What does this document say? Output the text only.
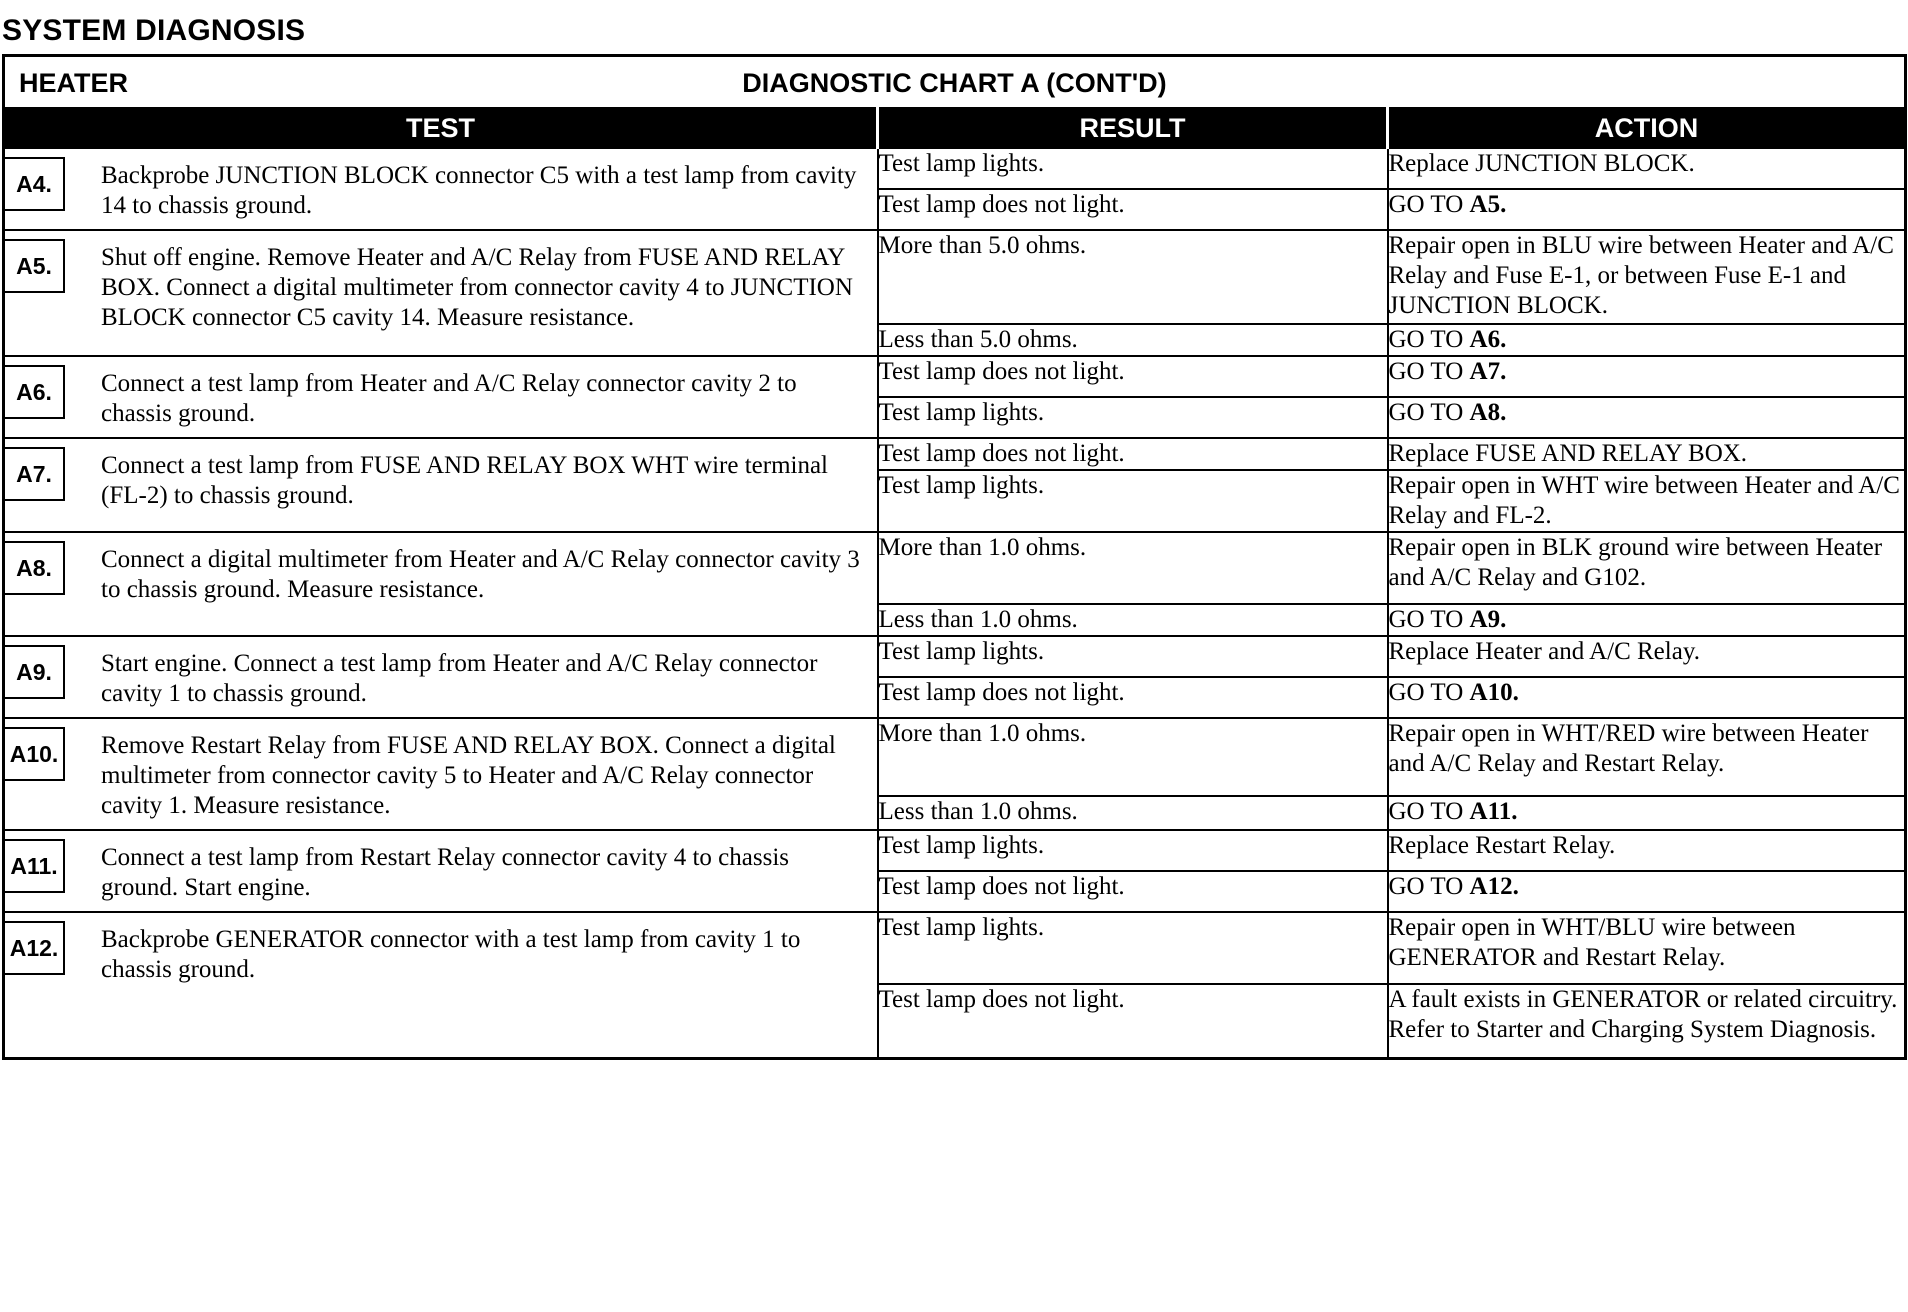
SYSTEM DIAGNOSIS
HEATER DIAGNOSTIC CHART A (CONT'D)		

TEST	RESULT	ACTION

A4. Backprobe JUNCTION BLOCK connector C5 with a test lamp from cavity 14 to chassis ground.	Test lamp lights.	Replace JUNCTION BLOCK.
	Test lamp does not light.	GO TO A5.

A5. Shut off engine. Remove Heater and A/C Relay from FUSE AND RELAY BOX. Connect a digital multimeter from connector cavity 4 to JUNCTION BLOCK connector C5 cavity 14. Measure resistance.	More than 5.0 ohms.	Repair open in BLU wire between Heater and A/C Relay and Fuse E-1, or between Fuse E-1 and JUNCTION BLOCK.
	Less than 5.0 ohms.	GO TO A6.

A6. Connect a test lamp from Heater and A/C Relay connector cavity 2 to chassis ground.	Test lamp does not light.	GO TO A7.
	Test lamp lights.	GO TO A8.

A7. Connect a test lamp from FUSE AND RELAY BOX WHT wire terminal (FL-2) to chassis ground.	Test lamp does not light.	Replace FUSE AND RELAY BOX.
	Test lamp lights.	Repair open in WHT wire between Heater and A/C Relay and FL-2.

A8. Connect a digital multimeter from Heater and A/C Relay connector cavity 3 to chassis ground. Measure resistance.	More than 1.0 ohms.	Repair open in BLK ground wire between Heater and A/C Relay and G102.
	Less than 1.0 ohms.	GO TO A9.

A9. Start engine. Connect a test lamp from Heater and A/C Relay connector cavity 1 to chassis ground.	Test lamp lights.	Replace Heater and A/C Relay.
	Test lamp does not light.	GO TO A10.

A10. Remove Restart Relay from FUSE AND RELAY BOX. Connect a digital multimeter from connector cavity 5 to Heater and A/C Relay connector cavity 1. Measure resistance.	More than 1.0 ohms.	Repair open in WHT/RED wire between Heater and A/C Relay and Restart Relay.
	Less than 1.0 ohms.	GO TO A11.

A11. Connect a test lamp from Restart Relay connector cavity 4 to chassis ground. Start engine.	Test lamp lights.	Replace Restart Relay.
	Test lamp does not light.	GO TO A12.

A12. Backprobe GENERATOR connector with a test lamp from cavity 1 to chassis ground.	Test lamp lights.	Repair open in WHT/BLU wire between GENERATOR and Restart Relay.
	Test lamp does not light.	A fault exists in GENERATOR or related circuitry. Refer to Starter and Charging System Diagnosis.
